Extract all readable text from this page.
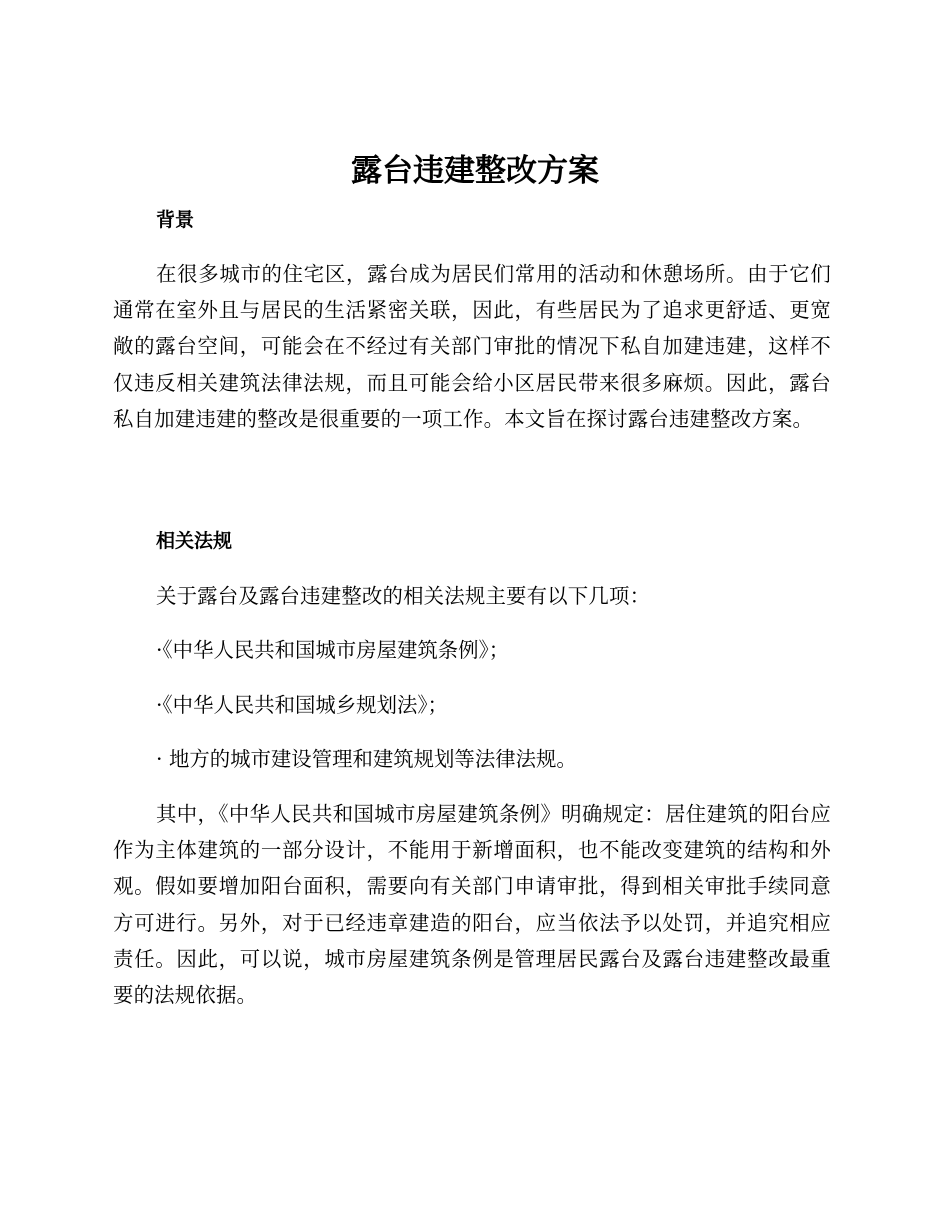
露台违建整改方案
背景

在很多城市的住宅区，露台成为居民们常用的活动和休憩场所。由于它们通常在室外且与居民的生活紧密关联，因此，有些居民为了追求更舒适、更宽敞的露台空间，可能会在不经过有关部门审批的情况下私自加建违建，这样不仅违反相关建筑法律法规，而且可能会给小区居民带来很多麻烦。因此，露台私自加建违建的整改是很重要的一项工作。本文旨在探讨露台违建整改方案。

相关法规

关于露台及露台违建整改的相关法规主要有以下几项：

·《中华人民共和国城市房屋建筑条例》；

·《中华人民共和国城乡规划法》；

· 地方的城市建设管理和建筑规划等法律法规。

其中，《中华人民共和国城市房屋建筑条例》明确规定：居住建筑的阳台应作为主体建筑的一部分设计，不能用于新增面积，也不能改变建筑的结构和外观。假如要增加阳台面积，需要向有关部门申请审批，得到相关审批手续同意方可进行。另外，对于已经违章建造的阳台，应当依法予以处罚，并追究相应责任。因此，可以说，城市房屋建筑条例是管理居民露台及露台违建整改最重要的法规依据。
